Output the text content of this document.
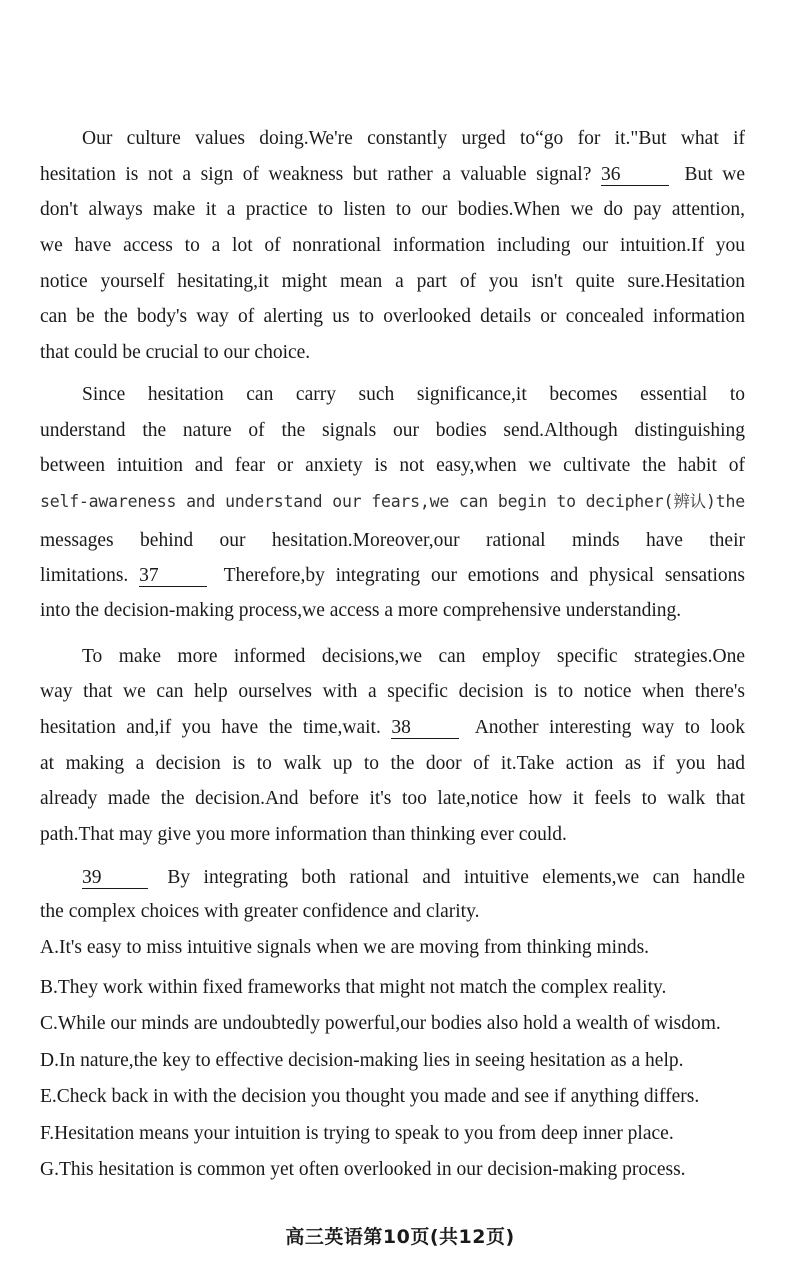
Our culture values doing.We're constantly urged to“go for it."But what if
hesitation is not a sign of weakness but rather a valuable signal? 36	But we
don't always make it a practice to listen to our bodies.When we do pay attention,
we have access to a lot of nonrational information including our intuition.If you
notice yourself hesitating,it might mean a part of you isn't quite sure.Hesitation
can be the body's way of alerting us to overlooked details or concealed information
that could be crucial to our choice.
Since hesitation can carry such significance,it becomes essential to
understand the nature of the signals our bodies send.Although distinguishing
between intuition and fear or anxiety is not easy,when we cultivate the habit of
self-awareness and understand our fears,we can begin to decipher(辨认)the
messages behind our hesitation.Moreover,our rational minds have their
limitations. 37	Therefore,by integrating our emotions and physical sensations
into the decision-making process,we access a more comprehensive understanding.
To make more informed decisions,we can employ specific strategies.One
way that we can help ourselves with a specific decision is to notice when there's
hesitation and,if you have the time,wait. 38	Another interesting way to look
at making a decision is to walk up to the door of it.Take action as if you had
already made the decision.And before it's too late,notice how it feels to walk that
path.That may give you more information than thinking ever could.
39	By integrating both rational and intuitive elements,we can handle
the complex choices with greater confidence and clarity.
A.It's easy to miss intuitive signals when we are moving from thinking minds.
B.They work within fixed frameworks that might not match the complex reality.
C.While our minds are undoubtedly powerful,our bodies also hold a wealth of wisdom.
D.In nature,the key to effective decision-making lies in seeing hesitation as a help.
E.Check back in with the decision you thought you made and see if anything differs.
F.Hesitation means your intuition is trying to speak to you from deep inner place.
G.This hesitation is common yet often overlooked in our decision-making process.
高三英语第10页(共12页)
